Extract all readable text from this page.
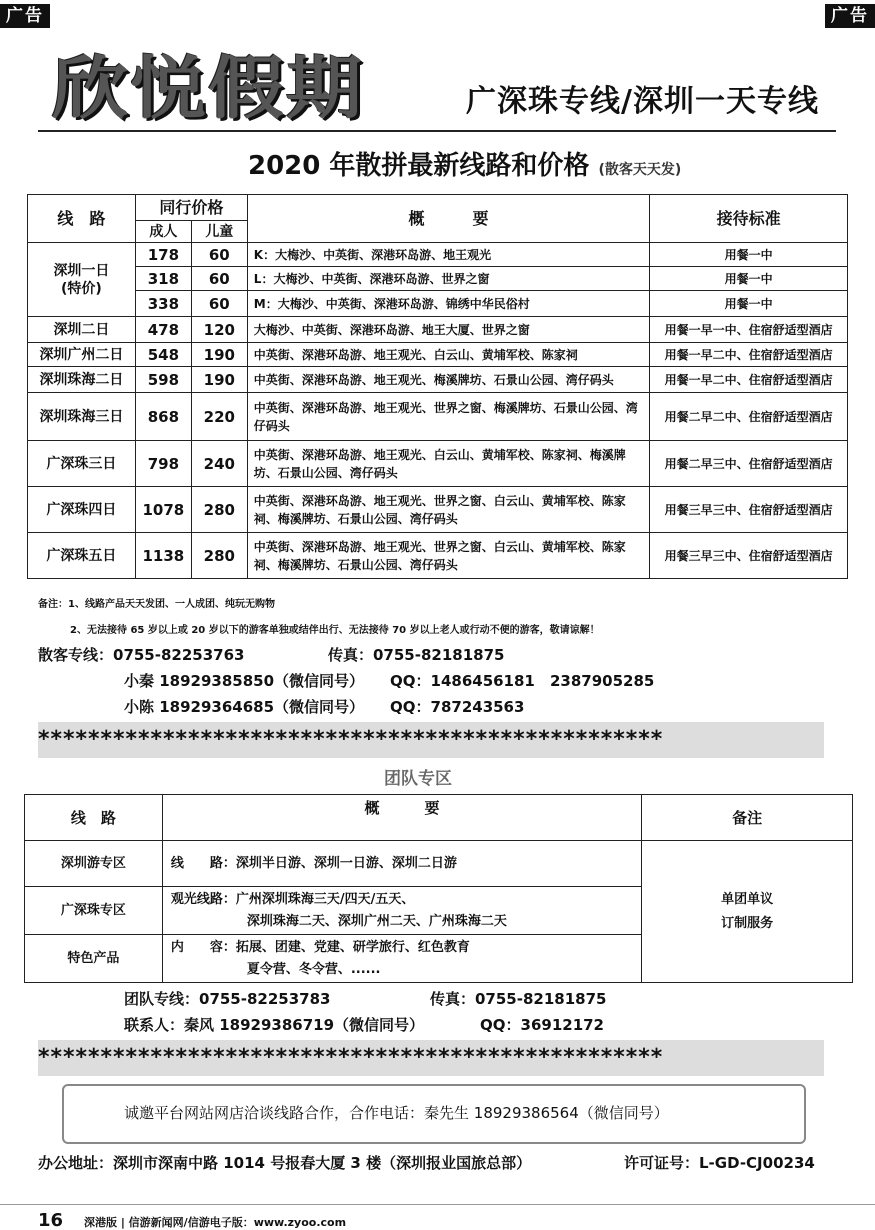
广告	广告
欣悦假期	广深珠专线/深圳一天专线
2020 年散拼最新线路和价格 (散客天天发)
线　路	同行价格		概　　　要	接待标准
	成人	儿童		

深圳一日
(特价)	178	60	K：大梅沙、中英街、深港环岛游、地王观光	用餐一中
	318	60	L：大梅沙、中英街、深港环岛游、世界之窗	用餐一中
	338	60	M：大梅沙、中英街、深港环岛游、锦绣中华民俗村	用餐一中
深圳二日	478	120	大梅沙、中英街、深港环岛游、地王大厦、世界之窗	用餐一早一中、住宿舒适型酒店
深圳广州二日	548	190	中英街、深港环岛游、地王观光、白云山、黄埔军校、陈家祠	用餐一早二中、住宿舒适型酒店
深圳珠海二日	598	190	中英街、深港环岛游、地王观光、梅溪牌坊、石景山公园、湾仔码头	用餐一早二中、住宿舒适型酒店
深圳珠海三日	868	220	中英街、深港环岛游、地王观光、世界之窗、梅溪牌坊、石景山公园、湾仔码头	用餐二早二中、住宿舒适型酒店
广深珠三日	798	240	中英街、深港环岛游、地王观光、白云山、黄埔军校、陈家祠、梅溪牌坊、石景山公园、湾仔码头	用餐二早三中、住宿舒适型酒店
广深珠四日	1078	280	中英街、深港环岛游、地王观光、世界之窗、白云山、黄埔军校、陈家祠、梅溪牌坊、石景山公园、湾仔码头	用餐三早三中、住宿舒适型酒店
广深珠五日	1138	280	中英街、深港环岛游、地王观光、世界之窗、白云山、黄埔军校、陈家祠、梅溪牌坊、石景山公园、湾仔码头	用餐三早三中、住宿舒适型酒店
备注：1、线路产品天天发团、一人成团、纯玩无购物
2、无法接待 65 岁以上或 20 岁以下的游客单独或结伴出行、无法接待 70 岁以上老人或行动不便的游客，敬请谅解！
散客专线：0755-82253763	传真：0755-82181875
小秦 18929385850（微信同号） QQ：1486456181 2387905285
小陈 18929364685（微信同号） QQ：787243563
**************************************************
团队专区
线　路	概　　　要	备注
深圳游专区	线　　路：深圳半日游、深圳一日游、深圳二日游	单团单议
订制服务

广深珠专区	观光线路：广州深圳珠海三天/四天/五天、
深圳珠海二天、深圳广州二天、广州珠海二天	

特色产品	内　　容：拓展、团建、党建、研学旅行、红色教育
夏令营、冬令营、......	
团队专线：0755-82253783	传真：0755-82181875
联系人：秦风 18929386719（微信同号）	QQ：36912172
**************************************************
诚邀平台网站网店洽谈线路合作，合作电话：秦先生 18929386564（微信同号）
办公地址：深圳市深南中路 1014 号报春大厦 3 楼（深圳报业国旅总部）	许可证号：L-GD-CJ00234
16 深港版 | 信游新闻网/信游电子版：www.zyoo.com
